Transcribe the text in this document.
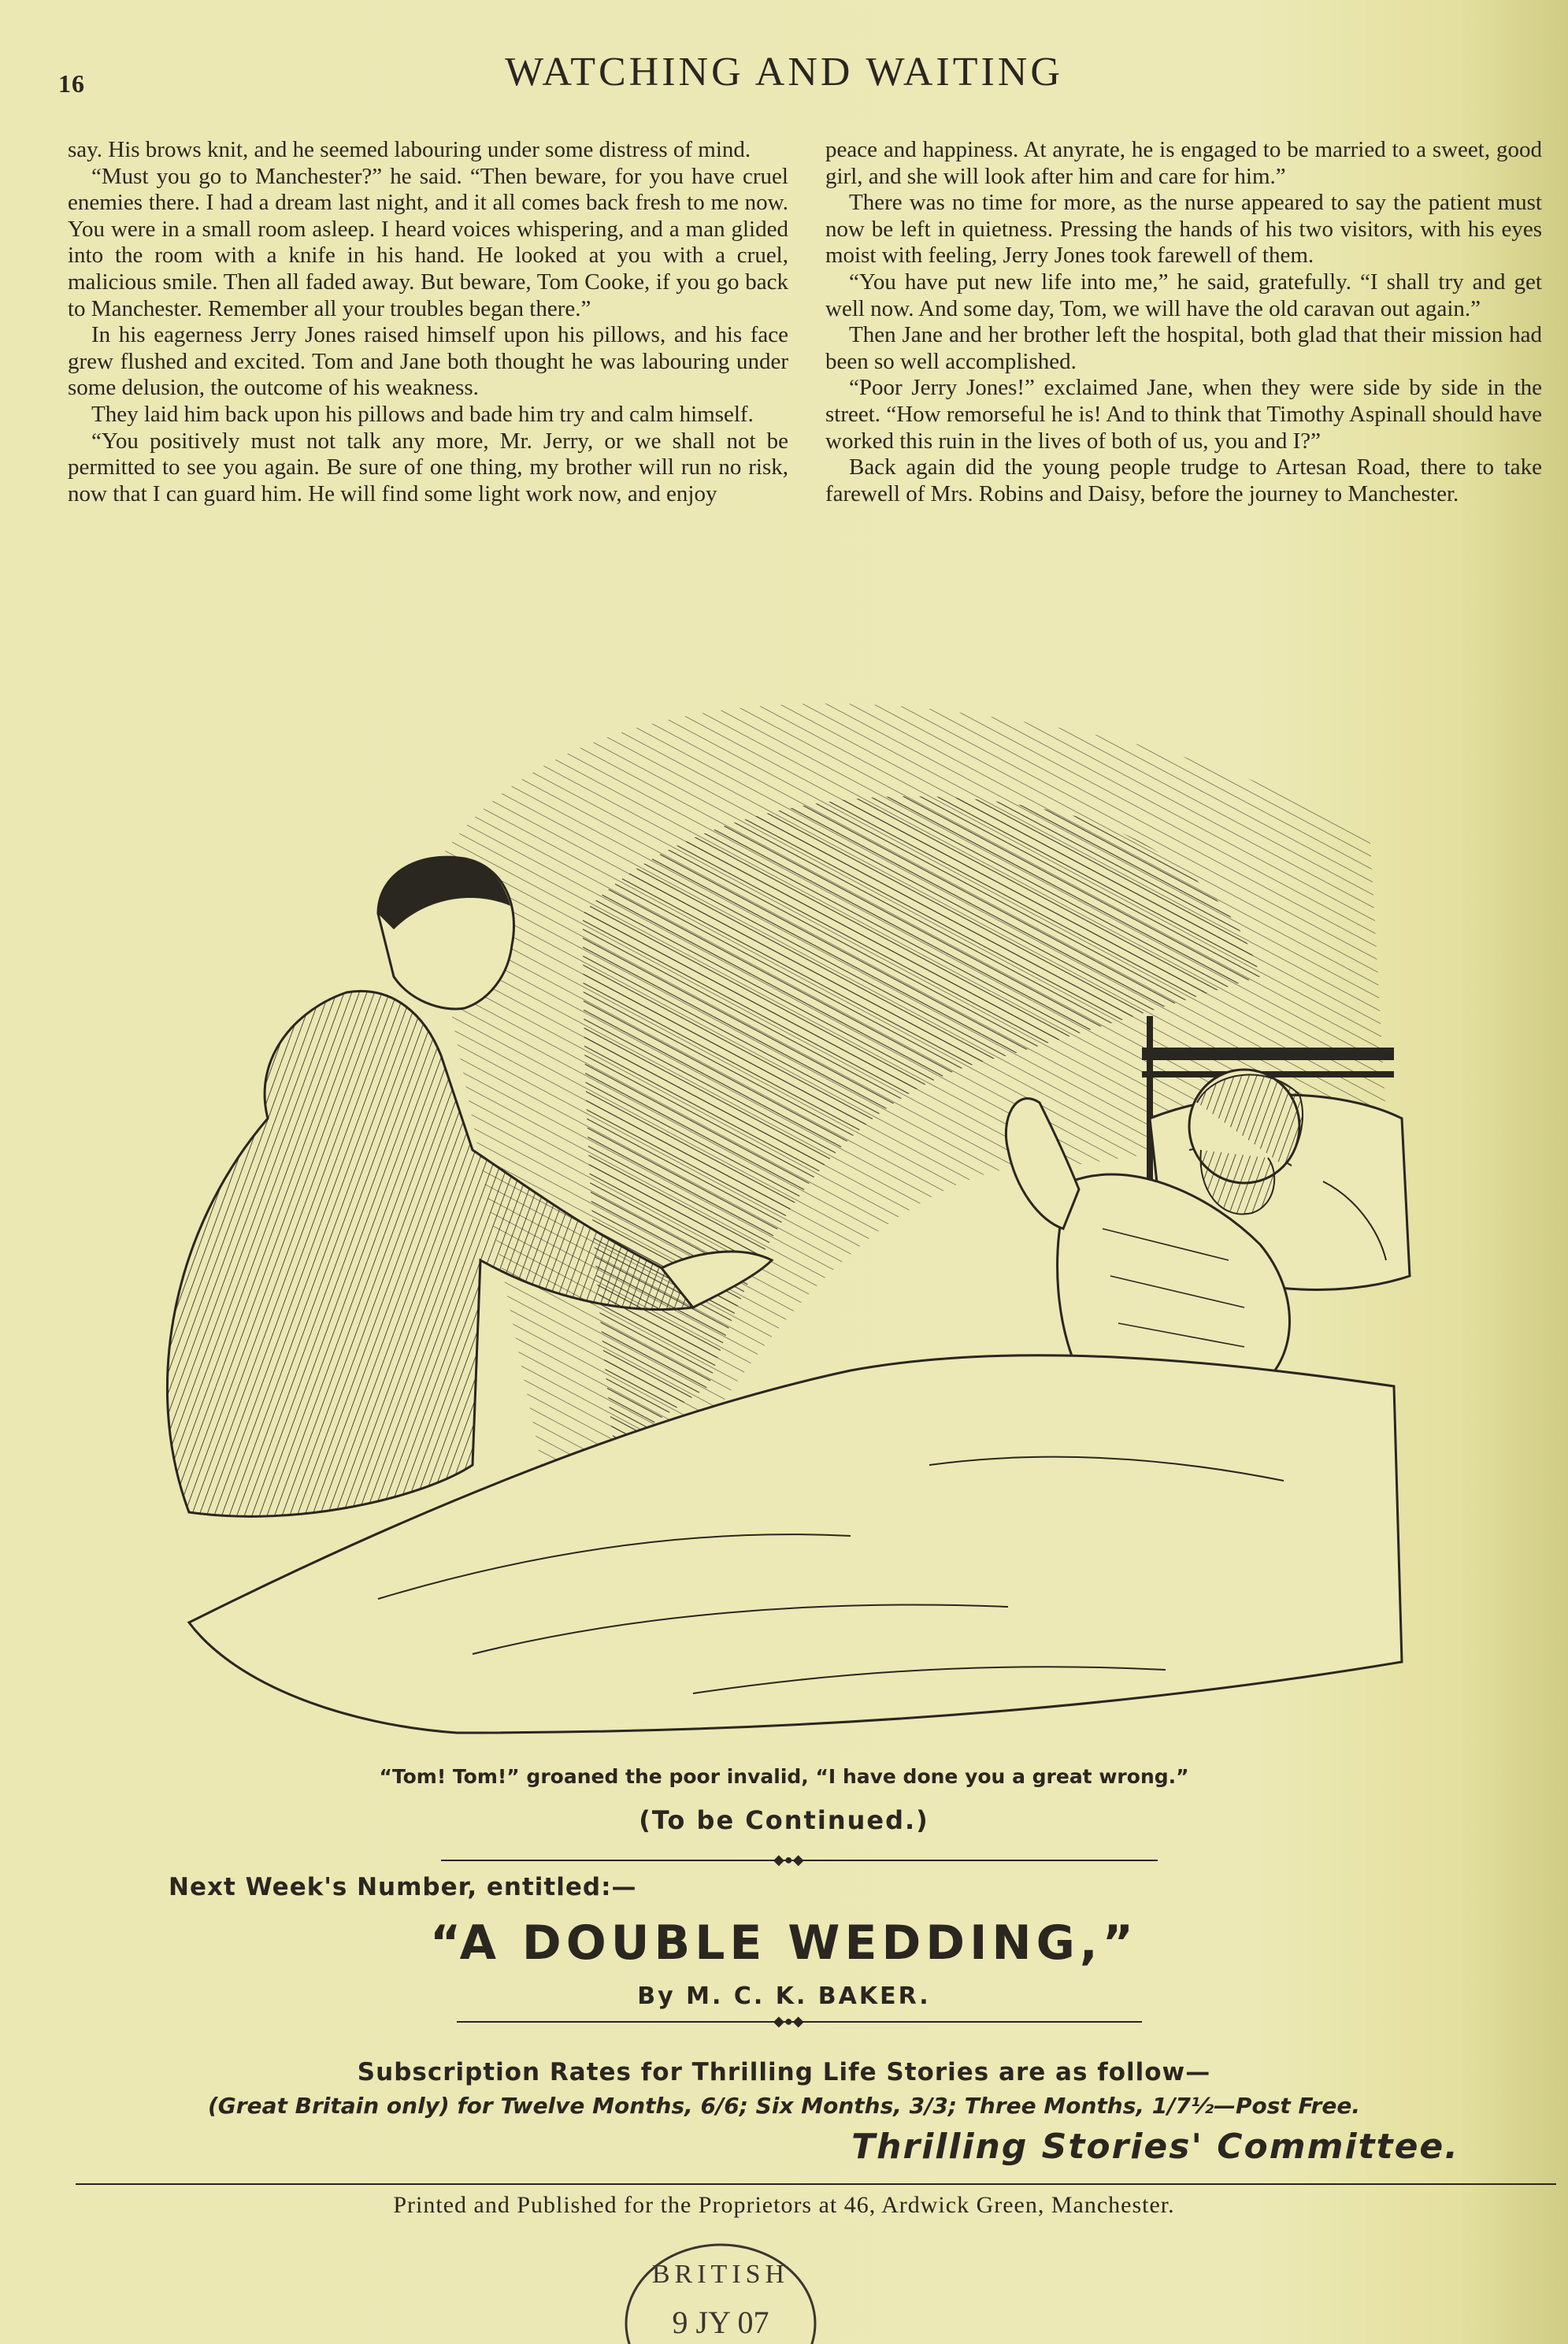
16	WATCHING AND WAITING

say. His brows knit, and he seemed labouring under some distress of mind.

“Must you go to Manchester?” he said. “Then beware, for you have cruel enemies there. I had a dream last night, and it all comes back fresh to me now. You were in a small room asleep. I heard voices whispering, and a man glided into the room with a knife in his hand. He looked at you with a cruel, malicious smile. Then all faded away. But beware, Tom Cooke, if you go back to Manchester. Remember all your troubles began there.”

In his eagerness Jerry Jones raised himself upon his pillows, and his face grew flushed and excited. Tom and Jane both thought he was labouring under some delusion, the outcome of his weakness.

They laid him back upon his pillows and bade him try and calm himself.

“You positively must not talk any more, Mr. Jerry, or we shall not be permitted to see you again. Be sure of one thing, my brother will run no risk, now that I can guard him. He will find some light work now, and enjoy

peace and happiness. At anyrate, he is engaged to be married to a sweet, good girl, and she will look after him and care for him.”

There was no time for more, as the nurse appeared to say the patient must now be left in quietness. Pressing the hands of his two visitors, with his eyes moist with feeling, Jerry Jones took farewell of them.

“You have put new life into me,” he said, gratefully. “I shall try and get well now. And some day, Tom, we will have the old caravan out again.”

Then Jane and her brother left the hospital, both glad that their mission had been so well accomplished.

“Poor Jerry Jones!” exclaimed Jane, when they were side by side in the street. “How remorseful he is! And to think that Timothy Aspinall should have worked this ruin in the lives of both of us, you and I?”

Back again did the young people trudge to Artesan Road, there to take farewell of Mrs. Robins and Daisy, before the journey to Manchester.

“Tom! Tom!” groaned the poor invalid, “I have done you a great wrong.”
(To be Continued.)
◆●◆
Next Week's Number, entitled:—
“A DOUBLE WEDDING,”
By M. C. K. BAKER.
◆●◆
Subscription Rates for Thrilling Life Stories are as follow—
(Great Britain only) for Twelve Months, 6/6; Six Months, 3/3; Three Months, 1/7½—Post Free.
Thrilling Stories' Committee.
Printed and Published for the Proprietors at 46, Ardwick Green, Manchester.
BRITISH
9 JY 07
